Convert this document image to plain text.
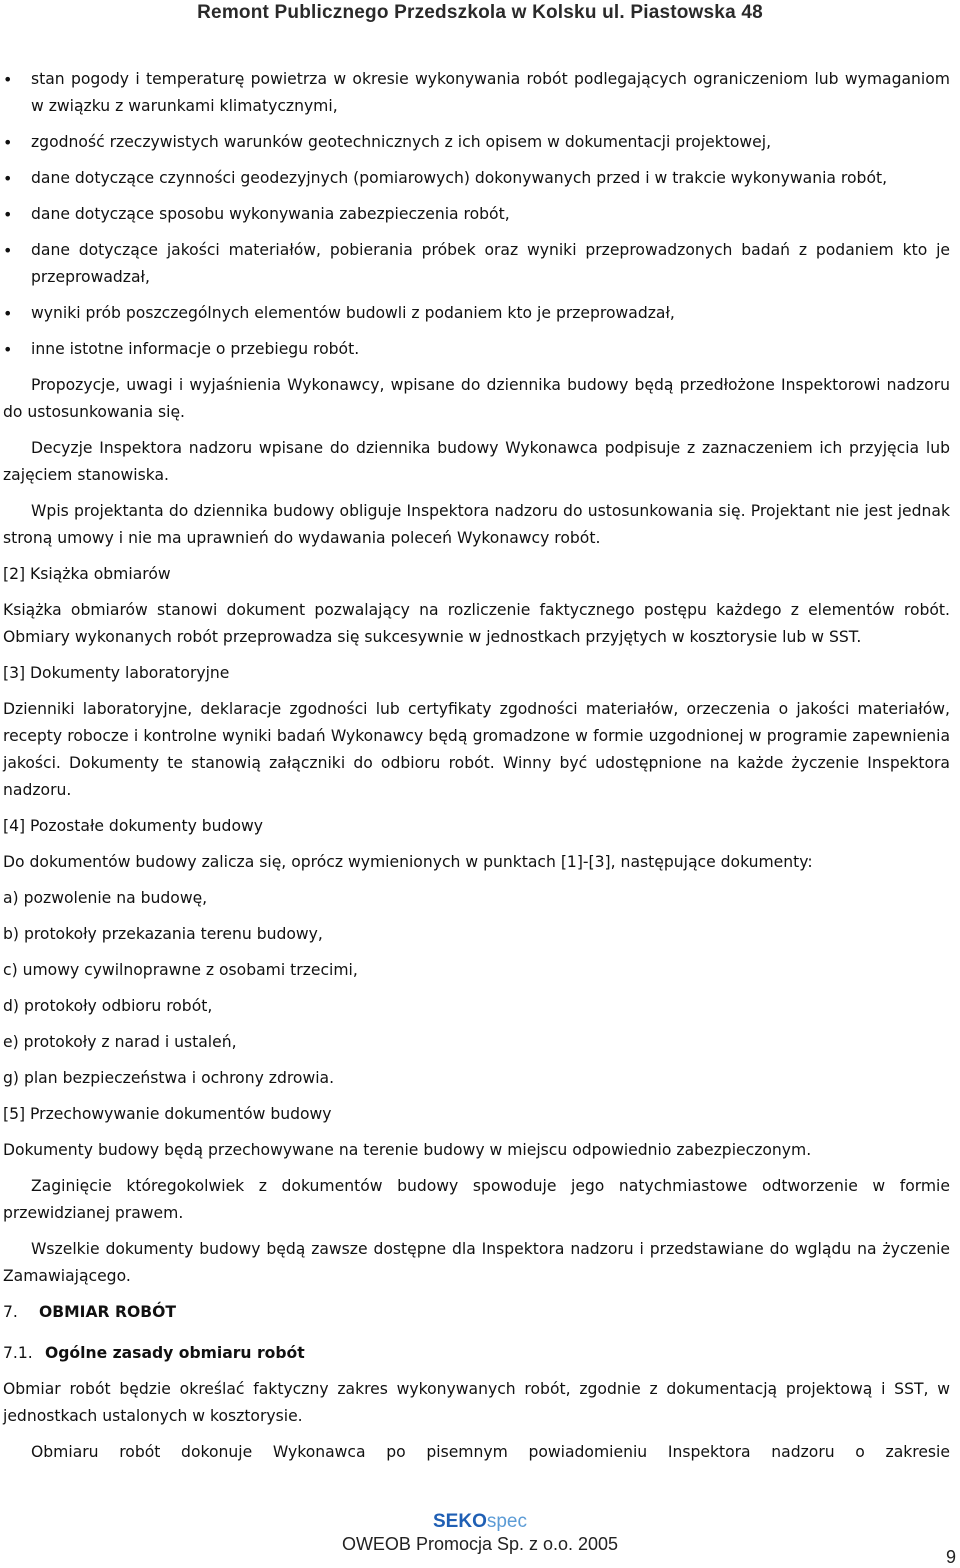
Remont Publicznego Przedszkola w Kolsku ul. Piastowska 48
• stan pogody i temperaturę powietrza w okresie wykonywania robót podlegających ograniczeniom lub wymaganiom w związku z warunkami klimatycznymi,
• zgodność rzeczywistych warunków geotechnicznych z ich opisem w dokumentacji projektowej,
• dane dotyczące czynności geodezyjnych (pomiarowych) dokonywanych przed i w trakcie wykonywania robót,
• dane dotyczące sposobu wykonywania zabezpieczenia robót,
• dane dotyczące jakości materiałów, pobierania próbek oraz wyniki przeprowadzonych badań z podaniem kto je przeprowadzał,
• wyniki prób poszczególnych elementów budowli z podaniem kto je przeprowadzał,
• inne istotne informacje o przebiegu robót.

Propozycje, uwagi i wyjaśnienia Wykonawcy, wpisane do dziennika budowy będą przedłożone Inspektorowi nadzoru do ustosunkowania się.

Decyzje Inspektora nadzoru wpisane do dziennika budowy Wykonawca podpisuje z zaznaczeniem ich przyjęcia lub zajęciem stanowiska.

Wpis projektanta do dziennika budowy obliguje Inspektora nadzoru do ustosunkowania się. Projektant nie jest jednak stroną umowy i nie ma uprawnień do wydawania poleceń Wykonawcy robót.

[2] Książka obmiarów

Książka obmiarów stanowi dokument pozwalający na rozliczenie faktycznego postępu każdego z elementów robót. Obmiary wykonanych robót przeprowadza się sukcesywnie w jednostkach przyjętych w kosztorysie lub w SST.

[3] Dokumenty laboratoryjne

Dzienniki laboratoryjne, deklaracje zgodności lub certyfikaty zgodności materiałów, orzeczenia o jakości materiałów, recepty robocze i kontrolne wyniki badań Wykonawcy będą gromadzone w formie uzgodnionej w programie zapewnienia jakości. Dokumenty te stanowią załączniki do odbioru robót. Winny być udostępnione na każde życzenie Inspektora nadzoru.

[4] Pozostałe dokumenty budowy

Do dokumentów budowy zalicza się, oprócz wymienionych w punktach [1]-[3], następujące dokumenty:

a) pozwolenie na budowę,

b) protokoły przekazania terenu budowy,

c) umowy cywilnoprawne z osobami trzecimi,

d) protokoły odbioru robót,

e) protokoły z narad i ustaleń,

g) plan bezpieczeństwa i ochrony zdrowia.

[5] Przechowywanie dokumentów budowy

Dokumenty budowy będą przechowywane na terenie budowy w miejscu odpowiednio zabezpieczonym.

Zaginięcie któregokolwiek z dokumentów budowy spowoduje jego natychmiastowe odtworzenie w formie przewidzianej prawem.

Wszelkie dokumenty budowy będą zawsze dostępne dla Inspektora nadzoru i przedstawiane do wglądu na życzenie Zamawiającego.

7. OBMIAR ROBÓT

7.1. Ogólne zasady obmiaru robót

Obmiar robót będzie określać faktyczny zakres wykonywanych robót, zgodnie z dokumentacją projektową i SST, w jednostkach ustalonych w kosztorysie.

Obmiaru robót dokonuje Wykonawca po pisemnym powiadomieniu Inspektora nadzoru o zakresie

SEKOspec
OWEOB Promocja Sp. z o.o. 2005
9
